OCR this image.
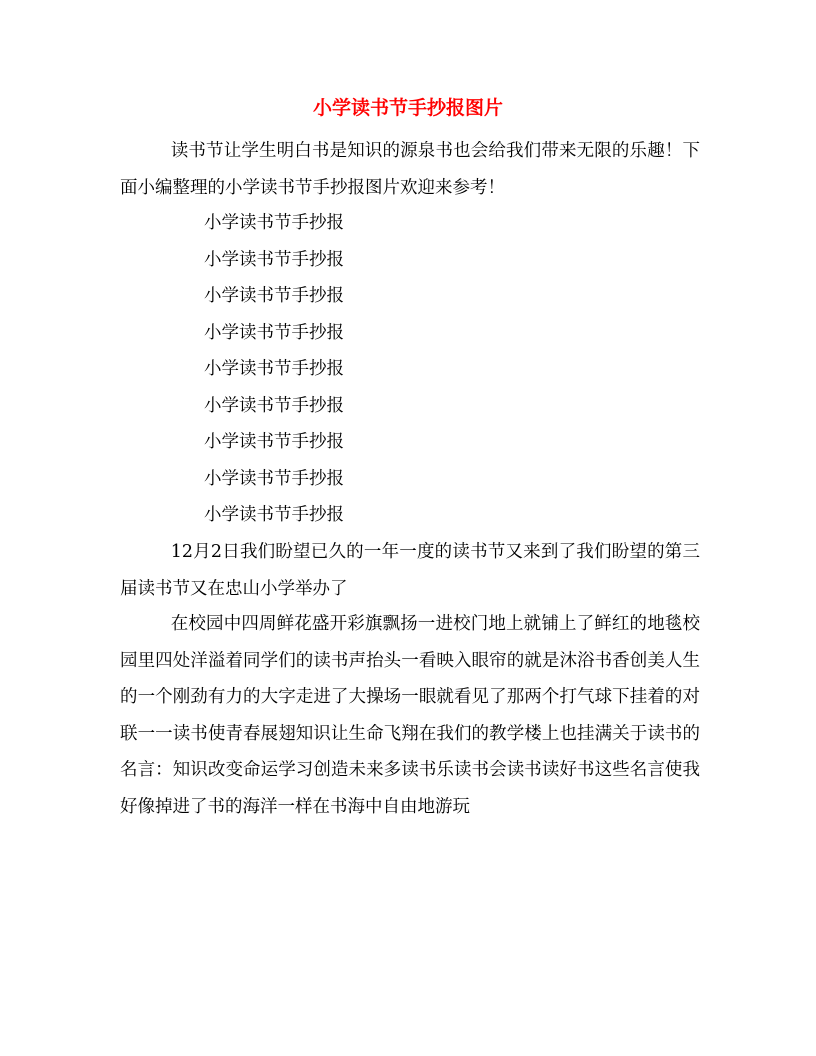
小学读书节手抄报图片

读书节让学生明白书是知识的源泉书也会给我们带来无限的乐趣！下面小编整理的小学读书节手抄报图片欢迎来参考！

小学读书节手抄报
小学读书节手抄报
小学读书节手抄报
小学读书节手抄报
小学读书节手抄报
小学读书节手抄报
小学读书节手抄报
小学读书节手抄报
小学读书节手抄报

12月2日我们盼望已久的一年一度的读书节又来到了我们盼望的第三届读书节又在忠山小学举办了

在校园中四周鲜花盛开彩旗飘扬一进校门地上就铺上了鲜红的地毯校园里四处洋溢着同学们的读书声抬头一看映入眼帘的就是沐浴书香创美人生的一个刚劲有力的大字走进了大操场一眼就看见了那两个打气球下挂着的对联一一读书使青春展翅知识让生命飞翔在我们的教学楼上也挂满关于读书的名言：知识改变命运学习创造未来多读书乐读书会读书读好书这些名言使我好像掉进了书的海洋一样在书海中自由地游玩
